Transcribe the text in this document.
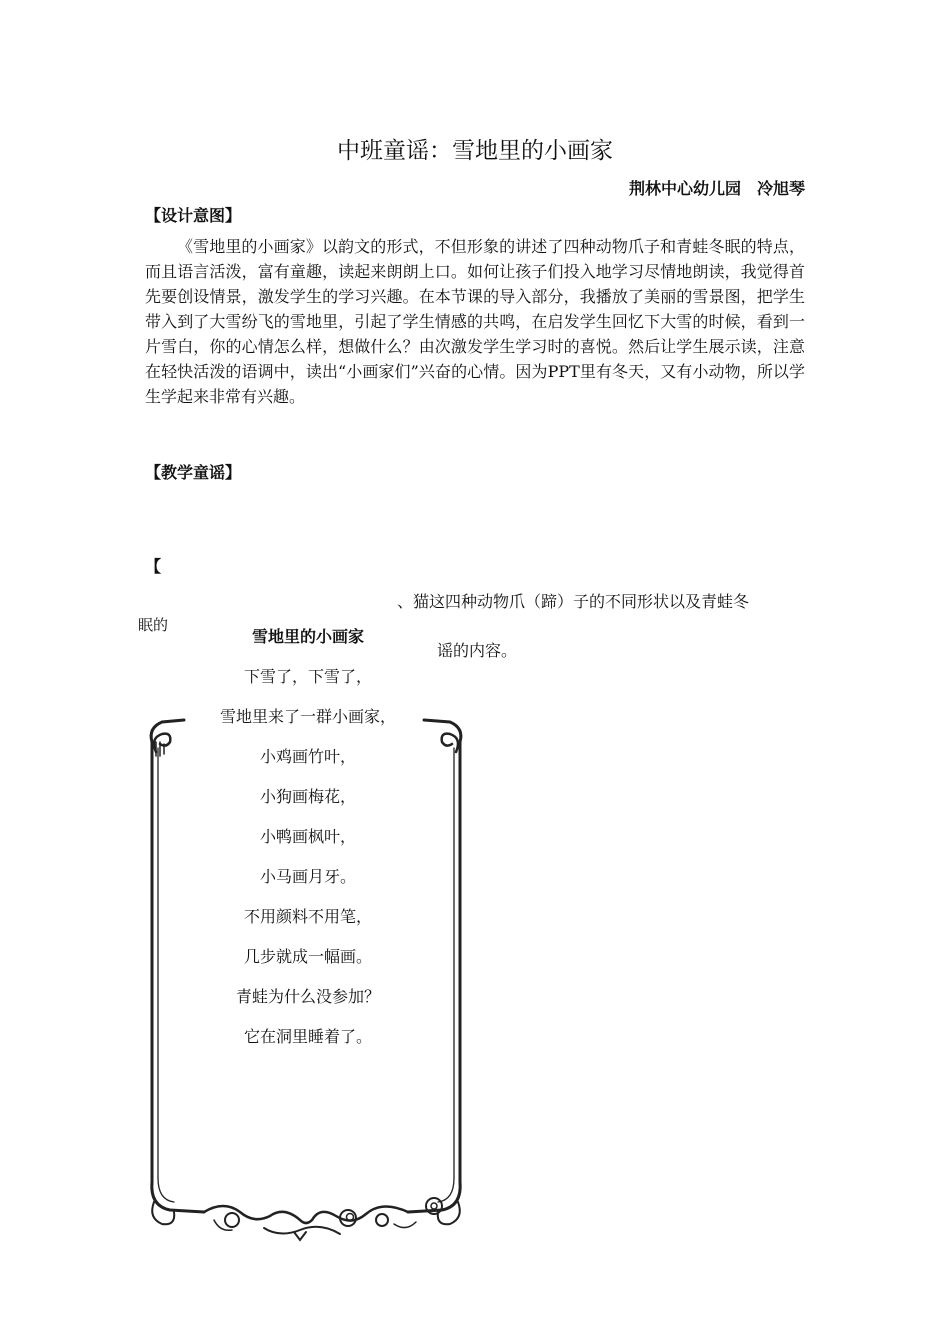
中班童谣：雪地里的小画家
荆林中心幼儿园　冷旭琴
【设计意图】

《雪地里的小画家》以韵文的形式，不但形象的讲述了四种动物爪子和青蛙冬眠的特点，而且语言活泼，富有童趣，读起来朗朗上口。如何让孩子们投入地学习尽情地朗读，我觉得首先要创设情景，激发学生的学习兴趣。在本节课的导入部分，我播放了美丽的雪景图，把学生带入到了大雪纷飞的雪地里，引起了学生情感的共鸣，在启发学生回忆下大雪的时候，看到一片雪白，你的心情怎么样，想做什么？由次激发学生学习时的喜悦。然后让学生展示读，注意在轻快活泼的语调中，读出“小画家们”兴奋的心情。因为PPT里有冬天，又有小动物，所以学生学起来非常有兴趣。

【教学童谣】
【
眠的
、猫这四种动物爪（蹄）子的不同形状以及青蛙冬
谣的内容。
雪地里的小画家
下雪了，下雪了，
雪地里来了一群小画家，
小鸡画竹叶，
小狗画梅花，
小鸭画枫叶，
小马画月牙。
不用颜料不用笔，
几步就成一幅画。
青蛙为什么没参加？
它在洞里睡着了。
